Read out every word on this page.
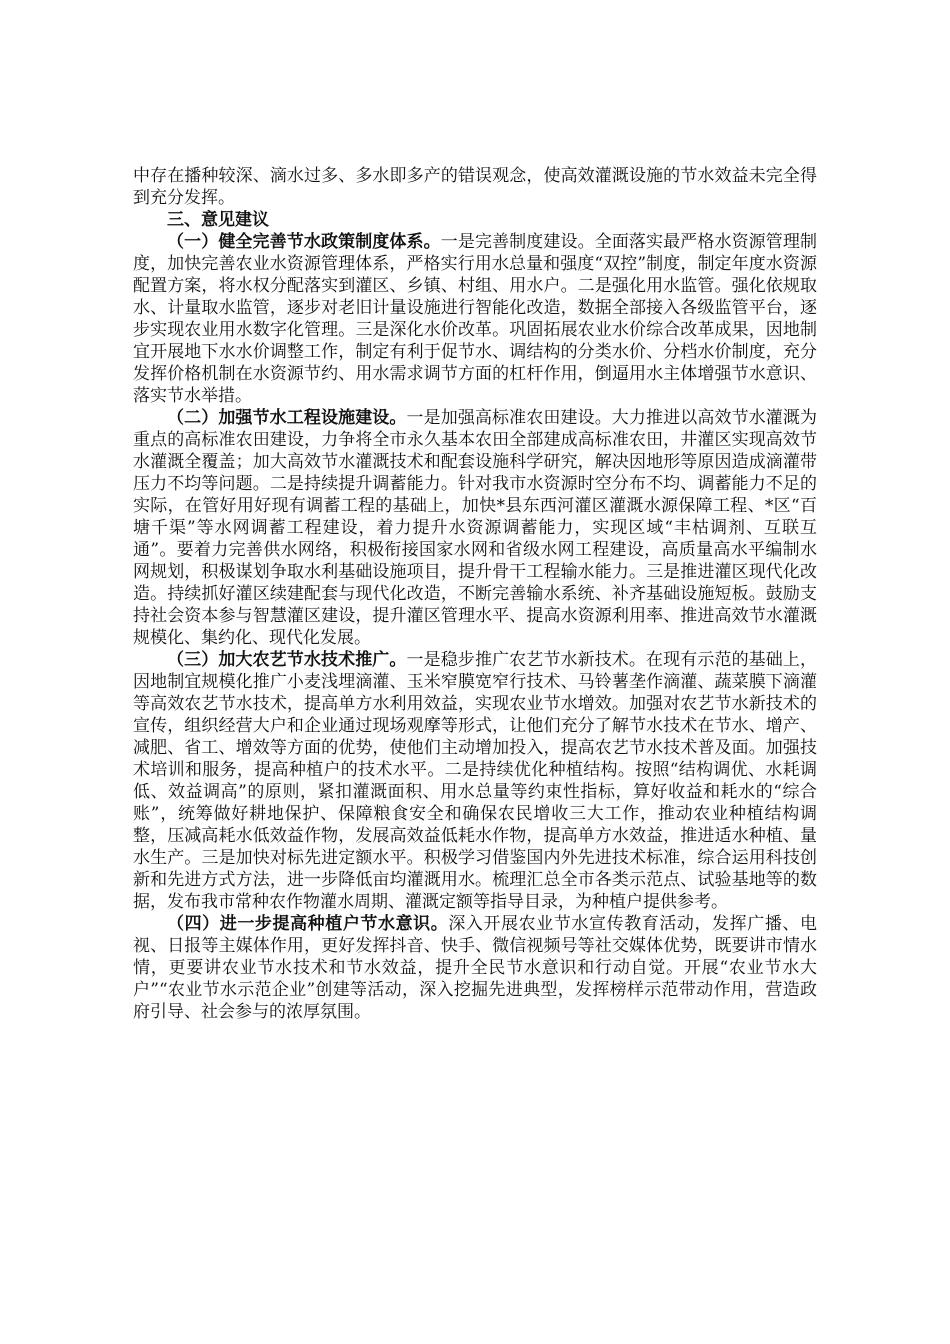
中存在播种较深、滴水过多、多水即多产的错误观念，使高效灌溉设施的节水效益未完全得到充分发挥。

三、意见建议

（一）健全完善节水政策制度体系。一是完善制度建设。全面落实最严格水资源管理制度，加快完善农业水资源管理体系，严格实行用水总量和强度“双控”制度，制定年度水资源配置方案，将水权分配落实到灌区、乡镇、村组、用水户。二是强化用水监管。强化依规取水、计量取水监管，逐步对老旧计量设施进行智能化改造，数据全部接入各级监管平台，逐步实现农业用水数字化管理。三是深化水价改革。巩固拓展农业水价综合改革成果，因地制宜开展地下水水价调整工作，制定有利于促节水、调结构的分类水价、分档水价制度，充分发挥价格机制在水资源节约、用水需求调节方面的杠杆作用，倒逼用水主体增强节水意识、落实节水举措。

（二）加强节水工程设施建设。一是加强高标准农田建设。大力推进以高效节水灌溉为重点的高标准农田建设，力争将全市永久基本农田全部建成高标准农田，井灌区实现高效节水灌溉全覆盖；加大高效节水灌溉技术和配套设施科学研究，解决因地形等原因造成滴灌带压力不均等问题。二是持续提升调蓄能力。针对我市水资源时空分布不均、调蓄能力不足的实际，在管好用好现有调蓄工程的基础上，加快*县东西河灌区灌溉水源保障工程、*区“百塘千渠”等水网调蓄工程建设，着力提升水资源调蓄能力，实现区域“丰枯调剂、互联互通”。要着力完善供水网络，积极衔接国家水网和省级水网工程建设，高质量高水平编制水网规划，积极谋划争取水利基础设施项目，提升骨干工程输水能力。三是推进灌区现代化改造。持续抓好灌区续建配套与现代化改造，不断完善输水系统、补齐基础设施短板。鼓励支持社会资本参与智慧灌区建设，提升灌区管理水平、提高水资源利用率、推进高效节水灌溉规模化、集约化、现代化发展。

（三）加大农艺节水技术推广。一是稳步推广农艺节水新技术。在现有示范的基础上，因地制宜规模化推广小麦浅埋滴灌、玉米窄膜宽窄行技术、马铃薯垄作滴灌、蔬菜膜下滴灌等高效农艺节水技术，提高单方水利用效益，实现农业节水增效。加强对农艺节水新技术的宣传，组织经营大户和企业通过现场观摩等形式，让他们充分了解节水技术在节水、增产、减肥、省工、增效等方面的优势，使他们主动增加投入，提高农艺节水技术普及面。加强技术培训和服务，提高种植户的技术水平。二是持续优化种植结构。按照“结构调优、水耗调低、效益调高”的原则，紧扣灌溉面积、用水总量等约束性指标，算好收益和耗水的“综合账”，统筹做好耕地保护、保障粮食安全和确保农民增收三大工作，推动农业种植结构调整，压减高耗水低效益作物，发展高效益低耗水作物，提高单方水效益，推进适水种植、量水生产。三是加快对标先进定额水平。积极学习借鉴国内外先进技术标准，综合运用科技创新和先进方式方法，进一步降低亩均灌溉用水。梳理汇总全市各类示范点、试验基地等的数据，发布我市常种农作物灌水周期、灌溉定额等指导目录，为种植户提供参考。

（四）进一步提高种植户节水意识。深入开展农业节水宣传教育活动，发挥广播、电视、日报等主媒体作用，更好发挥抖音、快手、微信视频号等社交媒体优势，既要讲市情水情，更要讲农业节水技术和节水效益，提升全民节水意识和行动自觉。开展“农业节水大户”“农业节水示范企业”创建等活动，深入挖掘先进典型，发挥榜样示范带动作用，营造政府引导、社会参与的浓厚氛围。
